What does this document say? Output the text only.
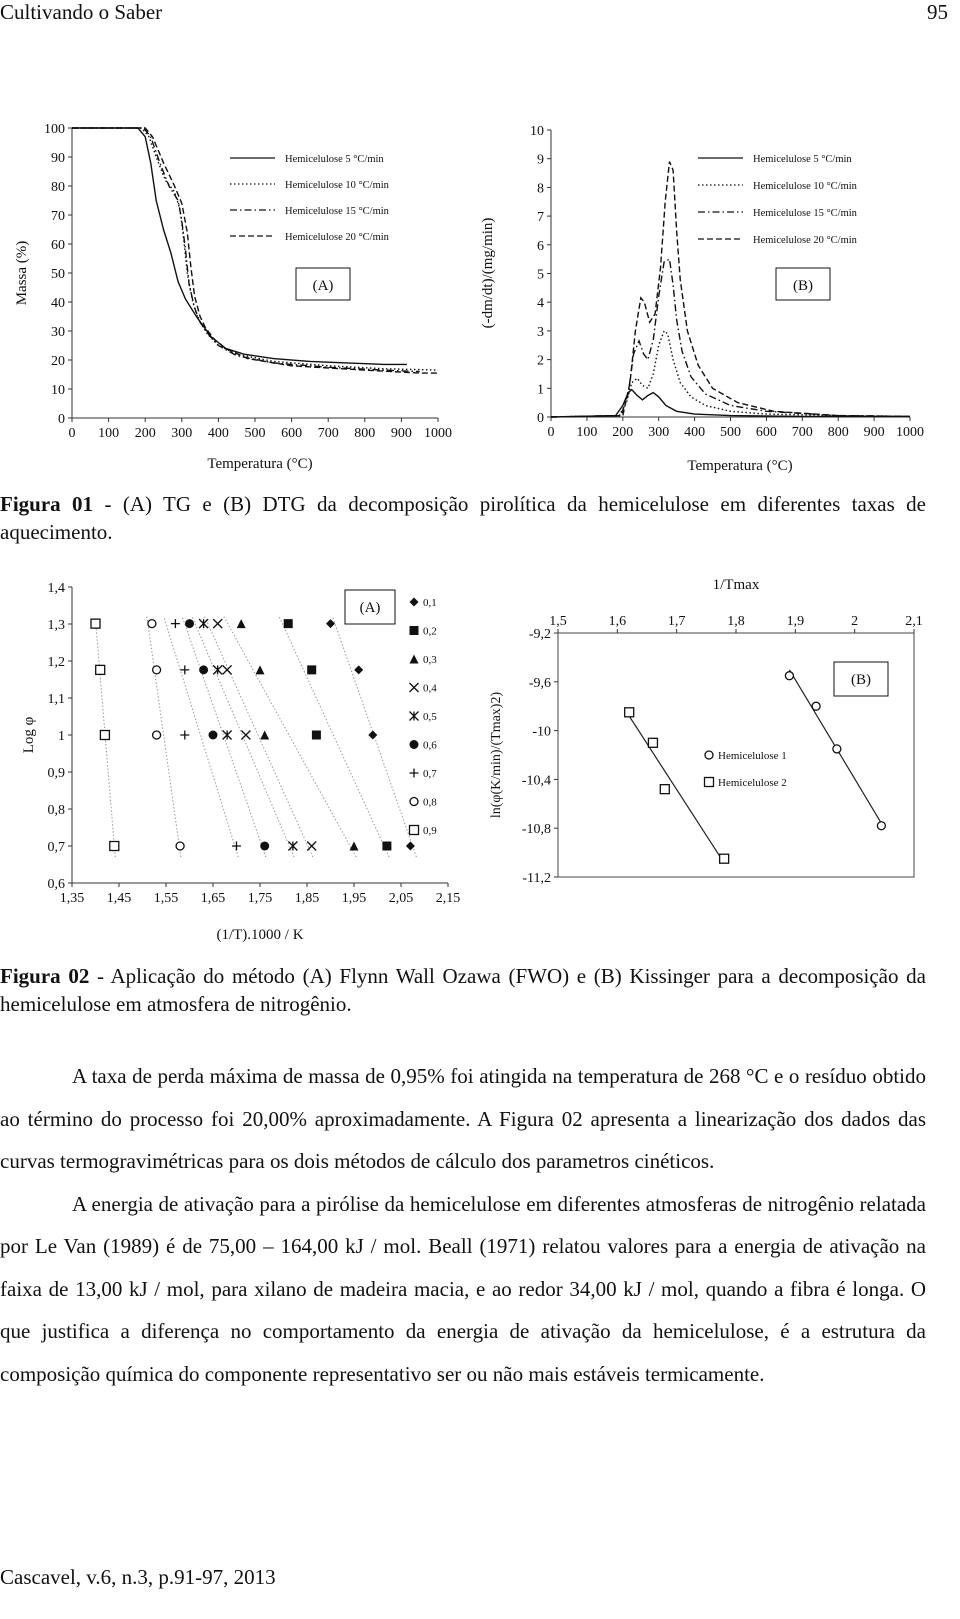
Cultivando o Saber	95
0 100 200 300 400 500 600 700 800 900 1000
0
10
20
30
40
50
60
70
80
90
100
Hemicelulose 5 °C/min
Hemicelulose 10 °C/min
Hemicelulose 15 °C/min
Hemicelulose 20 °C/min
(A)
Temperatura (°C)
Massa (%)
0 100 200 300 400 500 600 700 800 900 1000
0
1
2
3
4
5
6
7
8
9
10
Hemicelulose 5 °C/min
Hemicelulose 10 °C/min
Hemicelulose 15 °C/min
Hemicelulose 20 °C/min
(B)
Temperatura (°C)
(-dm/dt)/(mg/min)
Figura 01 - (A) TG e (B) DTG da decomposição pirolítica da hemicelulose em diferentes taxas de aquecimento.
1,35 1,45 1,55 1,65 1,75 1,85 1,95 2,05 2,15
0,6
0,7
0,8
0,9
1
1,1
1,2
1,3
1,4
(A)	0,1
0,2
0,3
0,4
0,5
0,6
0,7
0,8
0,9
(1/T).1000 / K
Log φ
1,5	1,6	1,7	1,8	1,9	2	2,1
-9,2
-9,6
-10
-10,4
-10,8
-11,2
(B)
Hemicelulose 1
Hemicelulose 2
1/Tmax
ln(φ(K/min)/(Tmax)2)
Figura 02 - Aplicação do método (A) Flynn Wall Ozawa (FWO) e (B) Kissinger para a decomposição da hemicelulose em atmosfera de nitrogênio.

A taxa de perda máxima de massa de 0,95% foi atingida na temperatura de 268 °C e o resíduo obtido ao término do processo foi 20,00% aproximadamente. A Figura 02 apresenta a linearização dos dados das curvas termogravimétricas para os dois métodos de cálculo dos parametros cinéticos.

A energia de ativação para a pirólise da hemicelulose em diferentes atmosferas de nitrogênio relatada por Le Van (1989) é de 75,00 – 164,00 kJ / mol. Beall (1971) relatou valores para a energia de ativação na faixa de 13,00 kJ / mol, para xilano de madeira macia, e ao redor 34,00 kJ / mol, quando a fibra é longa. O que justifica a diferença no comportamento da energia de ativação da hemicelulose, é a estrutura da composição química do componente representativo ser ou não mais estáveis termicamente.

Cascavel, v.6, n.3, p.91-97, 2013
